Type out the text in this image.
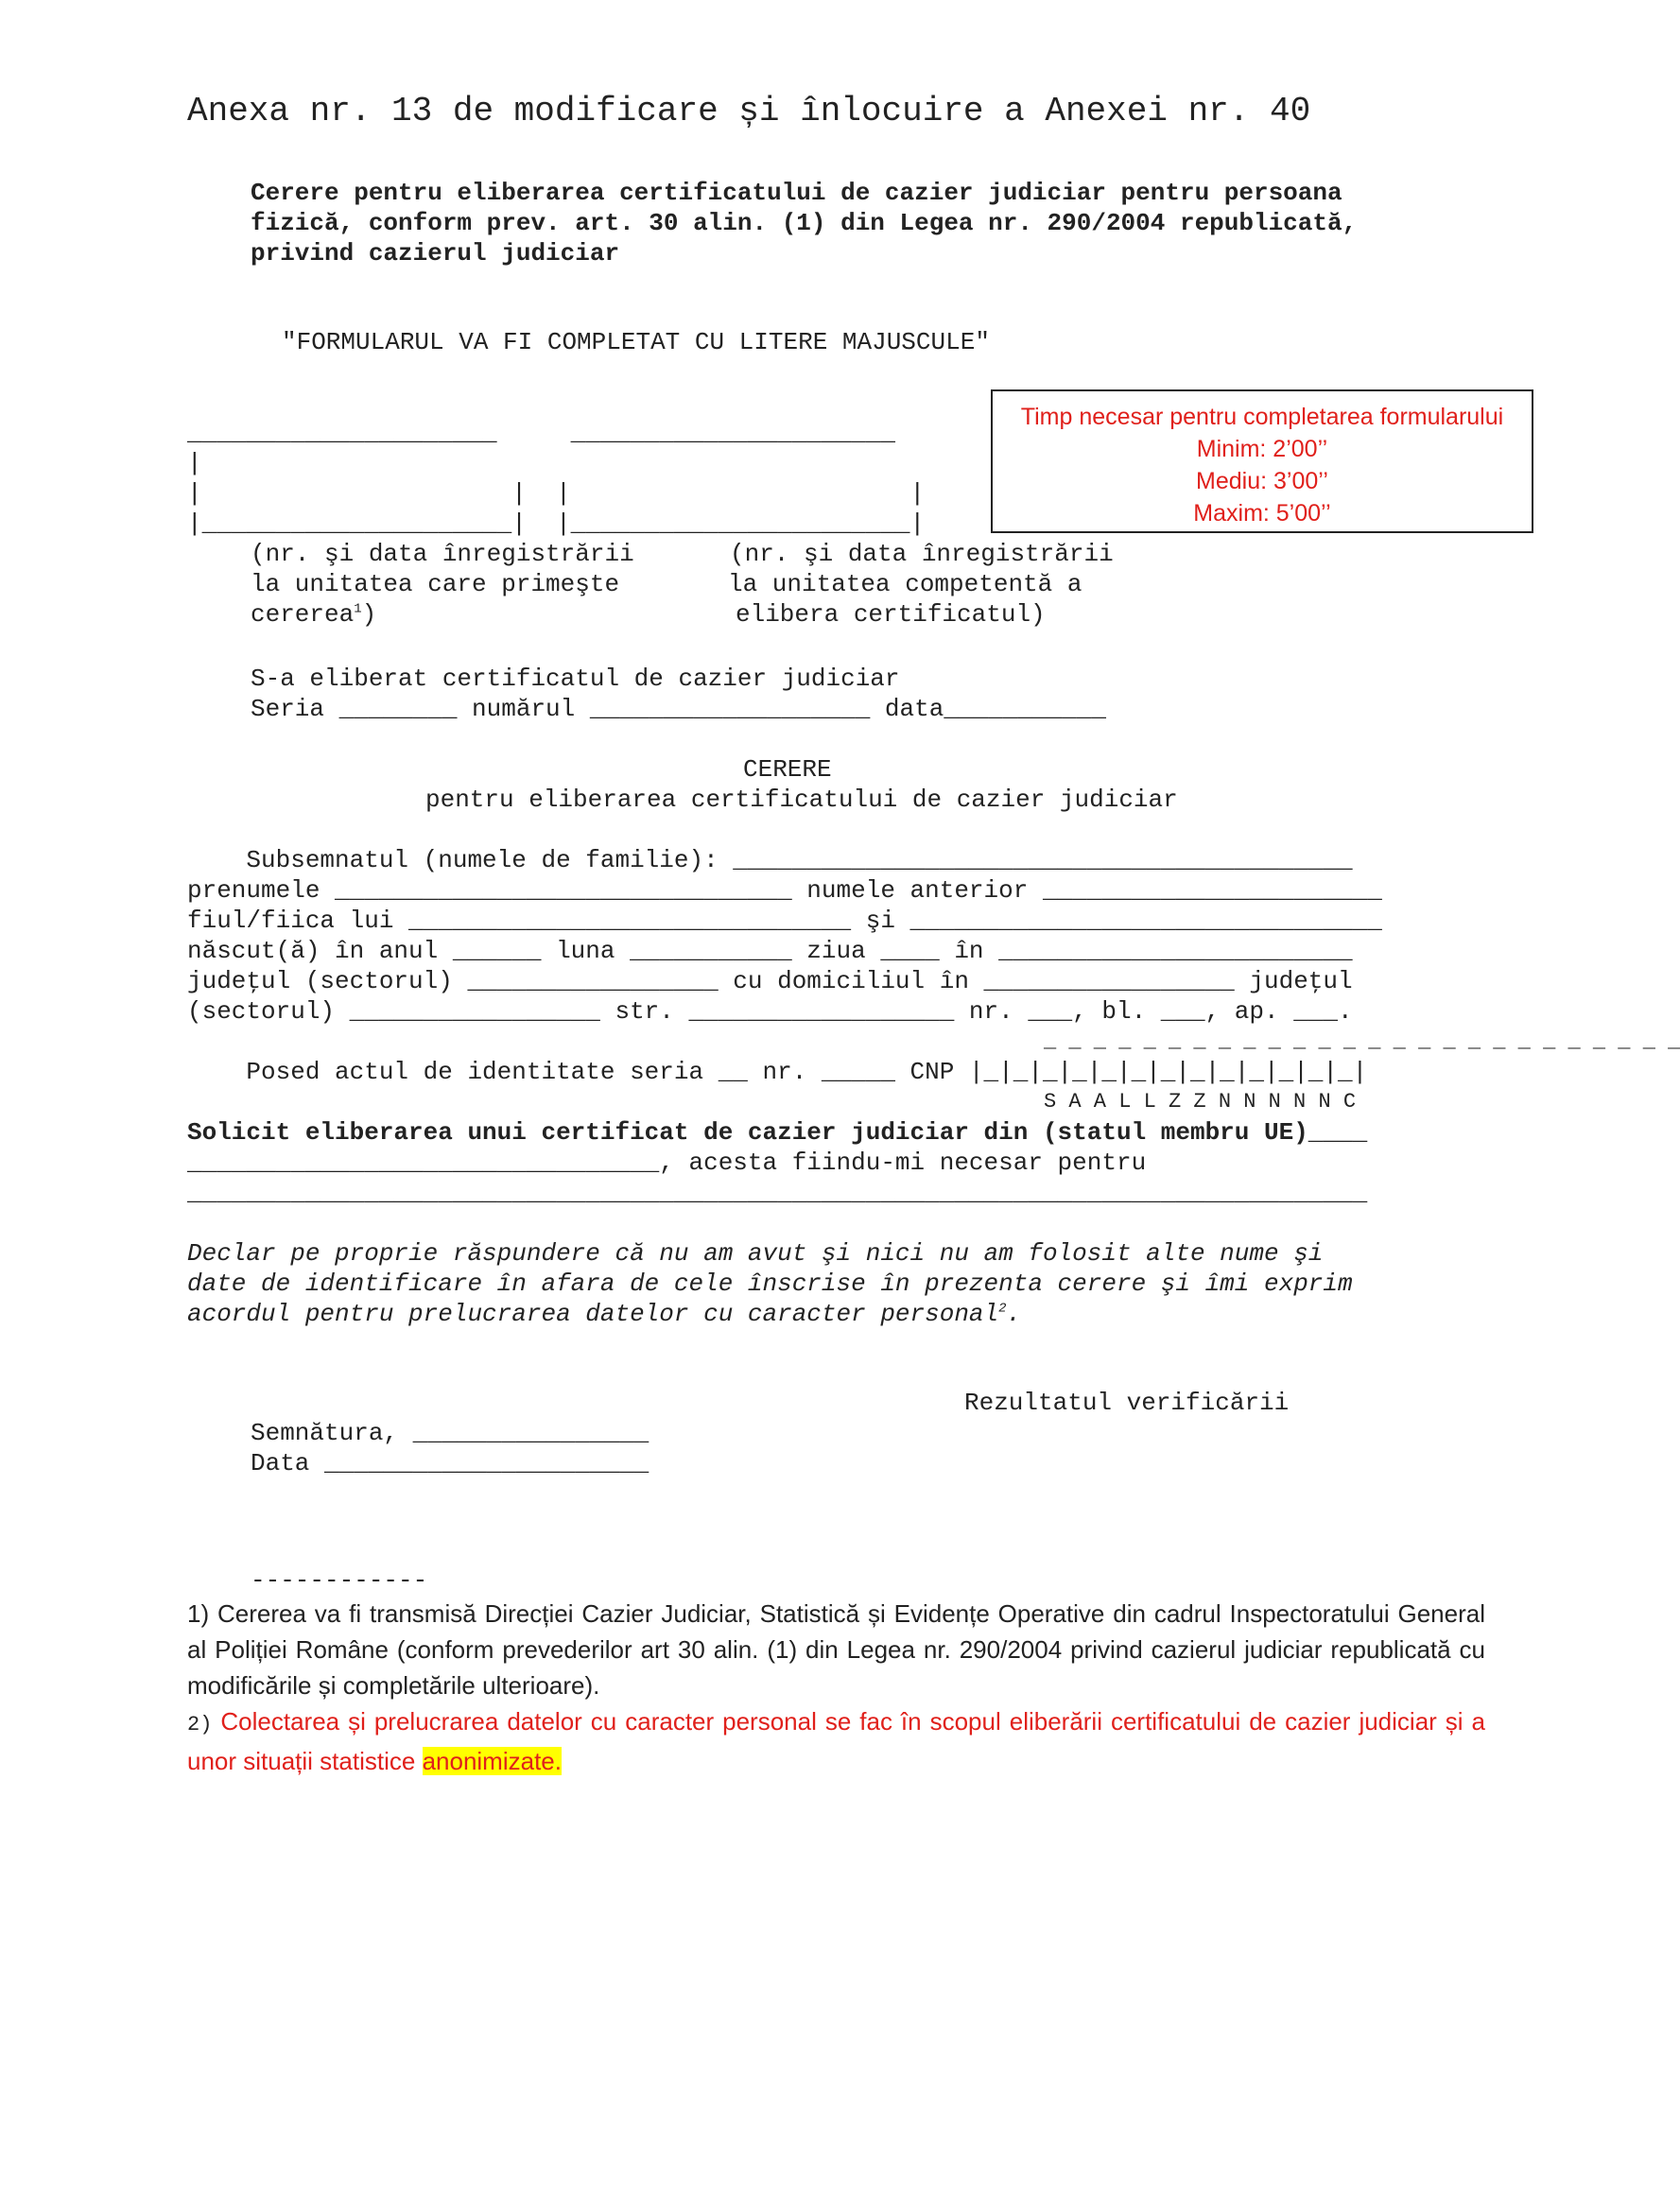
Anexa nr. 13 de modificare și înlocuire a Anexei nr. 40
Cerere pentru eliberarea certificatului de cazier judiciar pentru persoana
fizică, conform prev. art. 30 alin. (1) din Legea nr. 290/2004 republicată,
privind cazierul judiciar
"FORMULARUL VA FI COMPLETAT CU LITERE MAJUSCULE"
Timp necesar pentru completarea formularului
Minim: 2’00’’
Mediu: 3’00’’
Maxim: 5’00’’
_____________________     ______________________
|
|                     |  |                       |
|_____________________|  |_______________________|
(nr. şi data înregistrării
la unitatea care primeşte
cererea$^1$)
(nr. şi data înregistrării
la unitatea competentă a
elibera certificatul)
S-a eliberat certificatul de cazier judiciar
Seria ________ numărul ___________________ data___________
CERERE
pentru eliberarea certificatului de cazier judiciar
Subsemnatul (numele de familie): __________________________________________
prenumele _______________________________ numele anterior _______________________
fiul/fiica lui ______________________________ şi ________________________________
născut(ă) în anul ______ luna ___________ ziua ____ în ________________________
judeţul (sectorul) _________________ cu domiciliul în _________________ judeţul
(sectorul) _________________ str. __________________ nr. ___, bl. ___, ap. ___.
_ _ _ _ _ _ _ _ _ _ _ _ _ _ _ _ _ _ _ _ _ _ _ _ _ _
Posed actul de identitate seria __ nr. _____ CNP |_|_|_|_|_|_|_|_|_|_|_|_|_|
S A A L L Z Z N N N N N C
Solicit eliberarea unui certificat de cazier judiciar din (statul membru UE)____
________________________________, acesta fiindu-mi necesar pentru
________________________________________________________________________________
Declar pe proprie răspundere că nu am avut şi nici nu am folosit alte nume şi
date de identificare în afara de cele înscrise în prezenta cerere şi îmi exprim
acordul pentru prelucrarea datelor cu caracter personal$^2$.
Rezultatul verificării
Semnătura, ________________
Data ______________________
------------
1) Cererea va fi transmisă Direcției Cazier Judiciar, Statistică și Evidențe Operative din cadrul Inspectoratului General al Poliției Române (conform prevederilor art 30 alin. (1) din Legea nr. 290/2004 privind cazierul judiciar republicată cu modificările și completările ulterioare).
2) Colectarea și prelucrarea datelor cu caracter personal se fac în scopul eliberării certificatului de cazier judiciar și a unor situații statistice anonimizate.
